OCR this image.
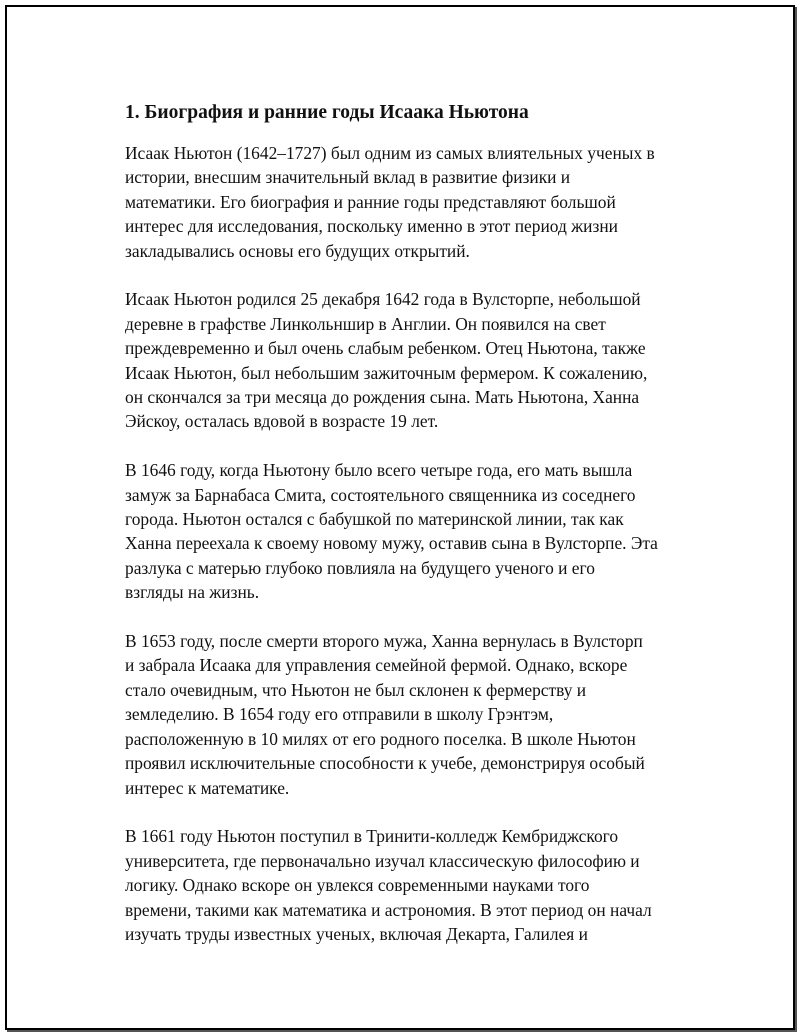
1. Биография и ранние годы Исаака Ньютона
Исаак Ньютон (1642–1727) был одним из самых влиятельных ученых в
истории, внесшим значительный вклад в развитие физики и
математики. Его биография и ранние годы представляют большой
интерес для исследования, поскольку именно в этот период жизни
закладывались основы его будущих открытий.
Исаак Ньютон родился 25 декабря 1642 года в Вулсторпе, небольшой
деревне в графстве Линкольншир в Англии. Он появился на свет
преждевременно и был очень слабым ребенком. Отец Ньютона, также
Исаак Ньютон, был небольшим зажиточным фермером. К сожалению,
он скончался за три месяца до рождения сына. Мать Ньютона, Ханна
Эйскоу, осталась вдовой в возрасте 19 лет.
В 1646 году, когда Ньютону было всего четыре года, его мать вышла
замуж за Барнабаса Смита, состоятельного священника из соседнего
города. Ньютон остался с бабушкой по материнской линии, так как
Ханна переехала к своему новому мужу, оставив сына в Вулсторпе. Эта
разлука с матерью глубоко повлияла на будущего ученого и его
взгляды на жизнь.
В 1653 году, после смерти второго мужа, Ханна вернулась в Вулсторп
и забрала Исаака для управления семейной фермой. Однако, вскоре
стало очевидным, что Ньютон не был склонен к фермерству и
земледелию. В 1654 году его отправили в школу Грэнтэм,
расположенную в 10 милях от его родного поселка. В школе Ньютон
проявил исключительные способности к учебе, демонстрируя особый
интерес к математике.
В 1661 году Ньютон поступил в Тринити-колледж Кембриджского
университета, где первоначально изучал классическую философию и
логику. Однако вскоре он увлекся современными науками того
времени, такими как математика и астрономия. В этот период он начал
изучать труды известных ученых, включая Декарта, Галилея и
